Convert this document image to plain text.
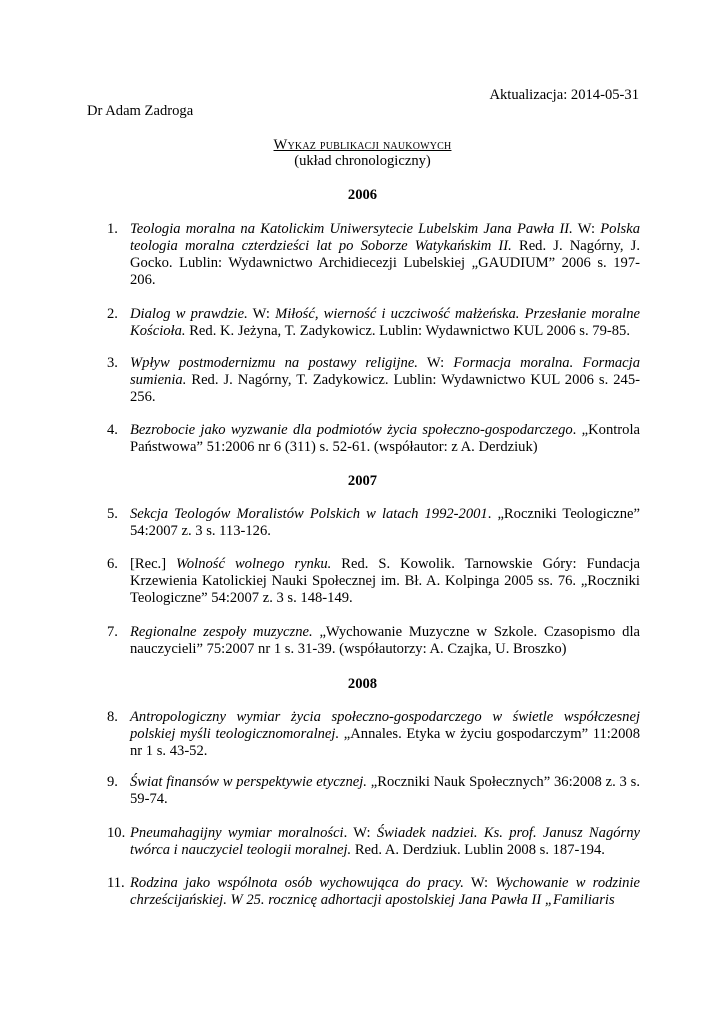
Aktualizacja: 2014-05-31
Dr Adam Zadroga
Wykaz publikacji naukowych
(układ chronologiczny)
2006
2007
2008
1. Teologia moralna na Katolickim Uniwersytecie Lubelskim Jana Pawła II. W: Polska teologia moralna czterdzieści lat po Soborze Watykańskim II. Red. J. Nagórny, J. Gocko. Lublin: Wydawnictwo Archidiecezji Lubelskiej „GAUDIUM” 2006 s. 197-206.
2. Dialog w prawdzie. W: Miłość, wierność i uczciwość małżeńska. Przesłanie moralne Kościoła. Red. K. Jeżyna, T. Zadykowicz. Lublin: Wydawnictwo KUL 2006 s. 79-85.
3. Wpływ postmodernizmu na postawy religijne. W: Formacja moralna. Formacja sumienia. Red. J. Nagórny, T. Zadykowicz. Lublin: Wydawnictwo KUL 2006 s. 245-256.
4. Bezrobocie jako wyzwanie dla podmiotów życia społeczno-gospodarczego. „Kontrola Państwowa” 51:2006 nr 6 (311) s. 52-61. (współautor: z A. Derdziuk)
5. Sekcja Teologów Moralistów Polskich w latach 1992-2001. „Roczniki Teologiczne” 54:2007 z. 3 s. 113-126.
6. [Rec.] Wolność wolnego rynku. Red. S. Kowolik. Tarnowskie Góry: Fundacja Krzewienia Katolickiej Nauki Społecznej im. Bł. A. Kolpinga 2005 ss. 76. „Roczniki Teologiczne” 54:2007 z. 3 s. 148-149.
7. Regionalne zespoły muzyczne. „Wychowanie Muzyczne w Szkole. Czasopismo dla nauczycieli” 75:2007 nr 1 s. 31-39. (współautorzy: A. Czajka, U. Broszko)
8. Antropologiczny wymiar życia społeczno-gospodarczego w świetle współczesnej polskiej myśli teologicznomoralnej. „Annales. Etyka w życiu gospodarczym” 11:2008 nr 1 s. 43-52.
9. Świat finansów w perspektywie etycznej. „Roczniki Nauk Społecznych” 36:2008 z. 3 s. 59-74.
10. Pneumahagijny wymiar moralności. W: Świadek nadziei. Ks. prof. Janusz Nagórny twórca i nauczyciel teologii moralnej. Red. A. Derdziuk. Lublin 2008 s. 187-194.
11. Rodzina jako wspólnota osób wychowująca do pracy. W: Wychowanie w rodzinie chrześcijańskiej. W 25. rocznicę adhortacji apostolskiej Jana Pawła II „Familiaris
